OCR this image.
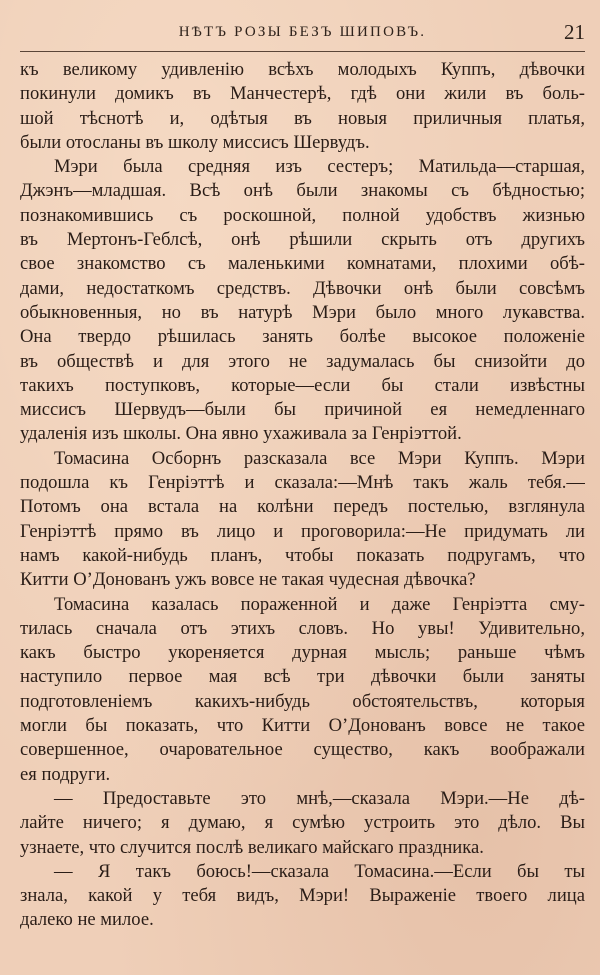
НѢТЪ РОЗЫ БЕЗЪ ШИПОВЪ.	21
къ великому удивленію всѣхъ молодыхъ Куппъ, дѣвочки
покинули домикъ въ Манчестерѣ, гдѣ они жили въ боль-
шой тѣснотѣ и, одѣтыя въ новыя приличныя платья,
были отосланы въ школу миссисъ Шервудъ.
Мэри была средняя изъ сестеръ; Матильда—старшая,
Джэнъ—младшая. Всѣ онѣ были знакомы съ бѣдностью;
познакомившись съ роскошной, полной удобствъ жизнью
въ Мертонъ-Геблсѣ, онѣ рѣшили скрыть отъ другихъ
свое знакомство съ маленькими комнатами, плохими обѣ-
дами, недостаткомъ средствъ. Дѣвочки онѣ были совсѣмъ
обыкновенныя, но въ натурѣ Мэри было много лукавства.
Она твердо рѣшилась занять болѣе высокое положеніе
въ обществѣ и для этого не задумалась бы снизойти до
такихъ поступковъ, которые—если бы стали извѣстны
миссисъ Шервудъ—были бы причиной ея немедленнаго
удаленія изъ школы. Она явно ухаживала за Генріэттой.
Томасина Осборнъ разсказала все Мэри Куппъ. Мэри
подошла къ Генріэттѣ и сказала:—Мнѣ такъ жаль тебя.—
Потомъ она встала на колѣни передъ постелью, взглянула
Генріэттѣ прямо въ лицо и проговорила:—Не придумать ли
намъ какой-нибудь планъ, чтобы показать подругамъ, что
Китти О’Донованъ ужъ вовсе не такая чудесная дѣвочка?
Томасина казалась пораженной и даже Генріэтта сму-
тилась сначала отъ этихъ словъ. Но увы! Удивительно,
какъ быстро укореняется дурная мысль; раньше чѣмъ
наступило первое мая всѣ три дѣвочки были заняты
подготовленіемъ какихъ-нибудь обстоятельствъ, которыя
могли бы показать, что Китти О’Донованъ вовсе не такое
совершенное, очаровательное существо, какъ воображали
ея подруги.
— Предоставьте это мнѣ,—сказала Мэри.—Не дѣ-
лайте ничего; я думаю, я сумѣю устроить это дѣло. Вы
узнаете, что случится послѣ великаго майскаго праздника.
— Я такъ боюсь!—сказала Томасина.—Если бы ты
знала, какой у тебя видъ, Мэри! Выраженіе твоего лица
далеко не милое.
